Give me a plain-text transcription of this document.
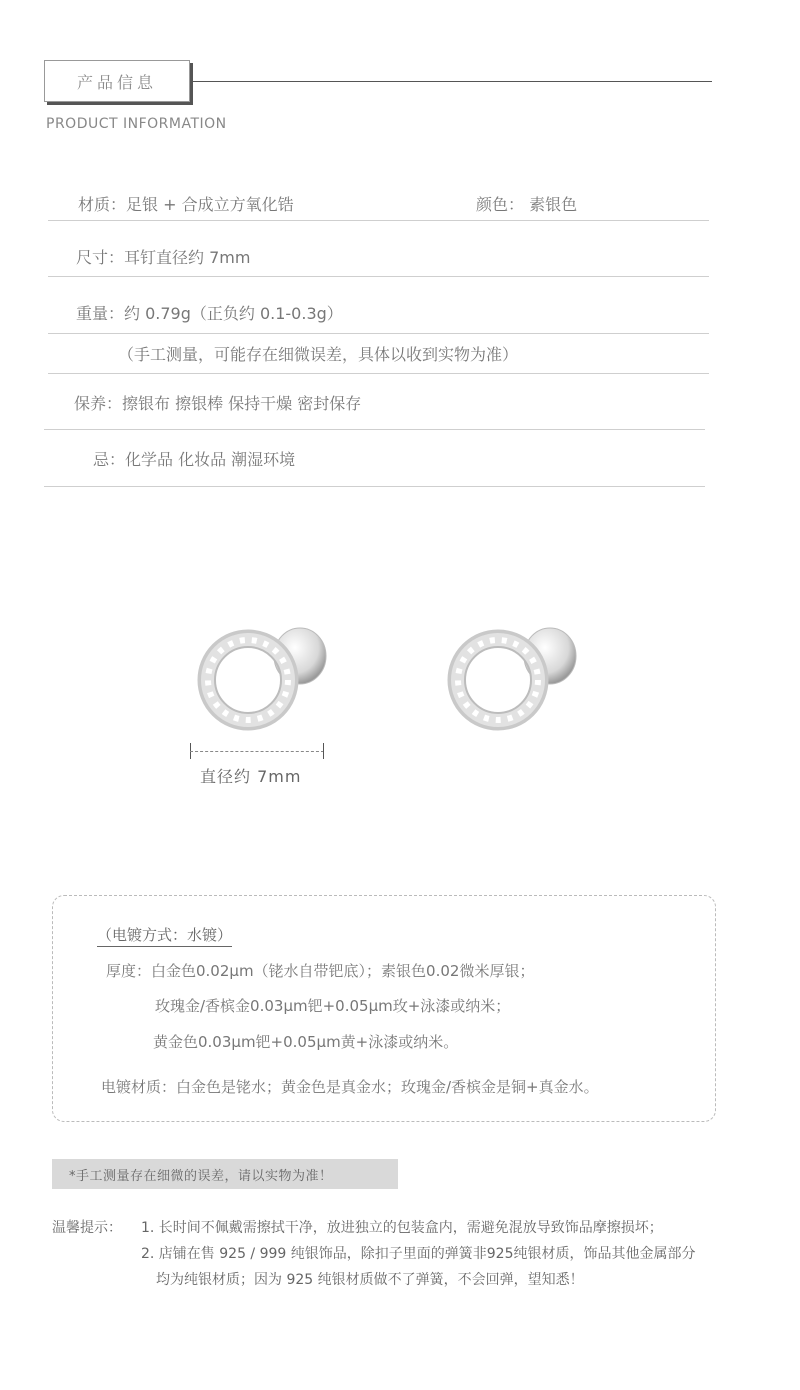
产品信息
PRODUCT INFORMATION
材质：足银 + 合成立方氧化锆	颜色： 素银色
尺寸：耳钉直径约 7mm
重量：约 0.79g（正负约 0.1-0.3g）
（手工测量，可能存在细微误差，具体以收到实物为准）
保养：擦银布 擦银棒 保持干燥 密封保存
忌：化学品 化妆品 潮湿环境
直径约 7mm
（电镀方式：水镀）
厚度：白金色0.02μm（铑水自带钯底）；素银色0.02微米厚银；
玫瑰金/香槟金0.03μm钯+0.05μm玫+泳漆或纳米；
黄金色0.03μm钯+0.05μm黄+泳漆或纳米。
电镀材质：白金色是铑水；黄金色是真金水；玫瑰金/香槟金是铜+真金水。
*手工测量存在细微的误差，请以实物为准！
温馨提示： 1. 长时间不佩戴需擦拭干净，放进独立的包装盒内，需避免混放导致饰品摩擦损坏；
2. 店铺在售 925 / 999 纯银饰品，除扣子里面的弹簧非925纯银材质，饰品其他金属部分
均为纯银材质；因为 925 纯银材质做不了弹簧，不会回弹，望知悉！
